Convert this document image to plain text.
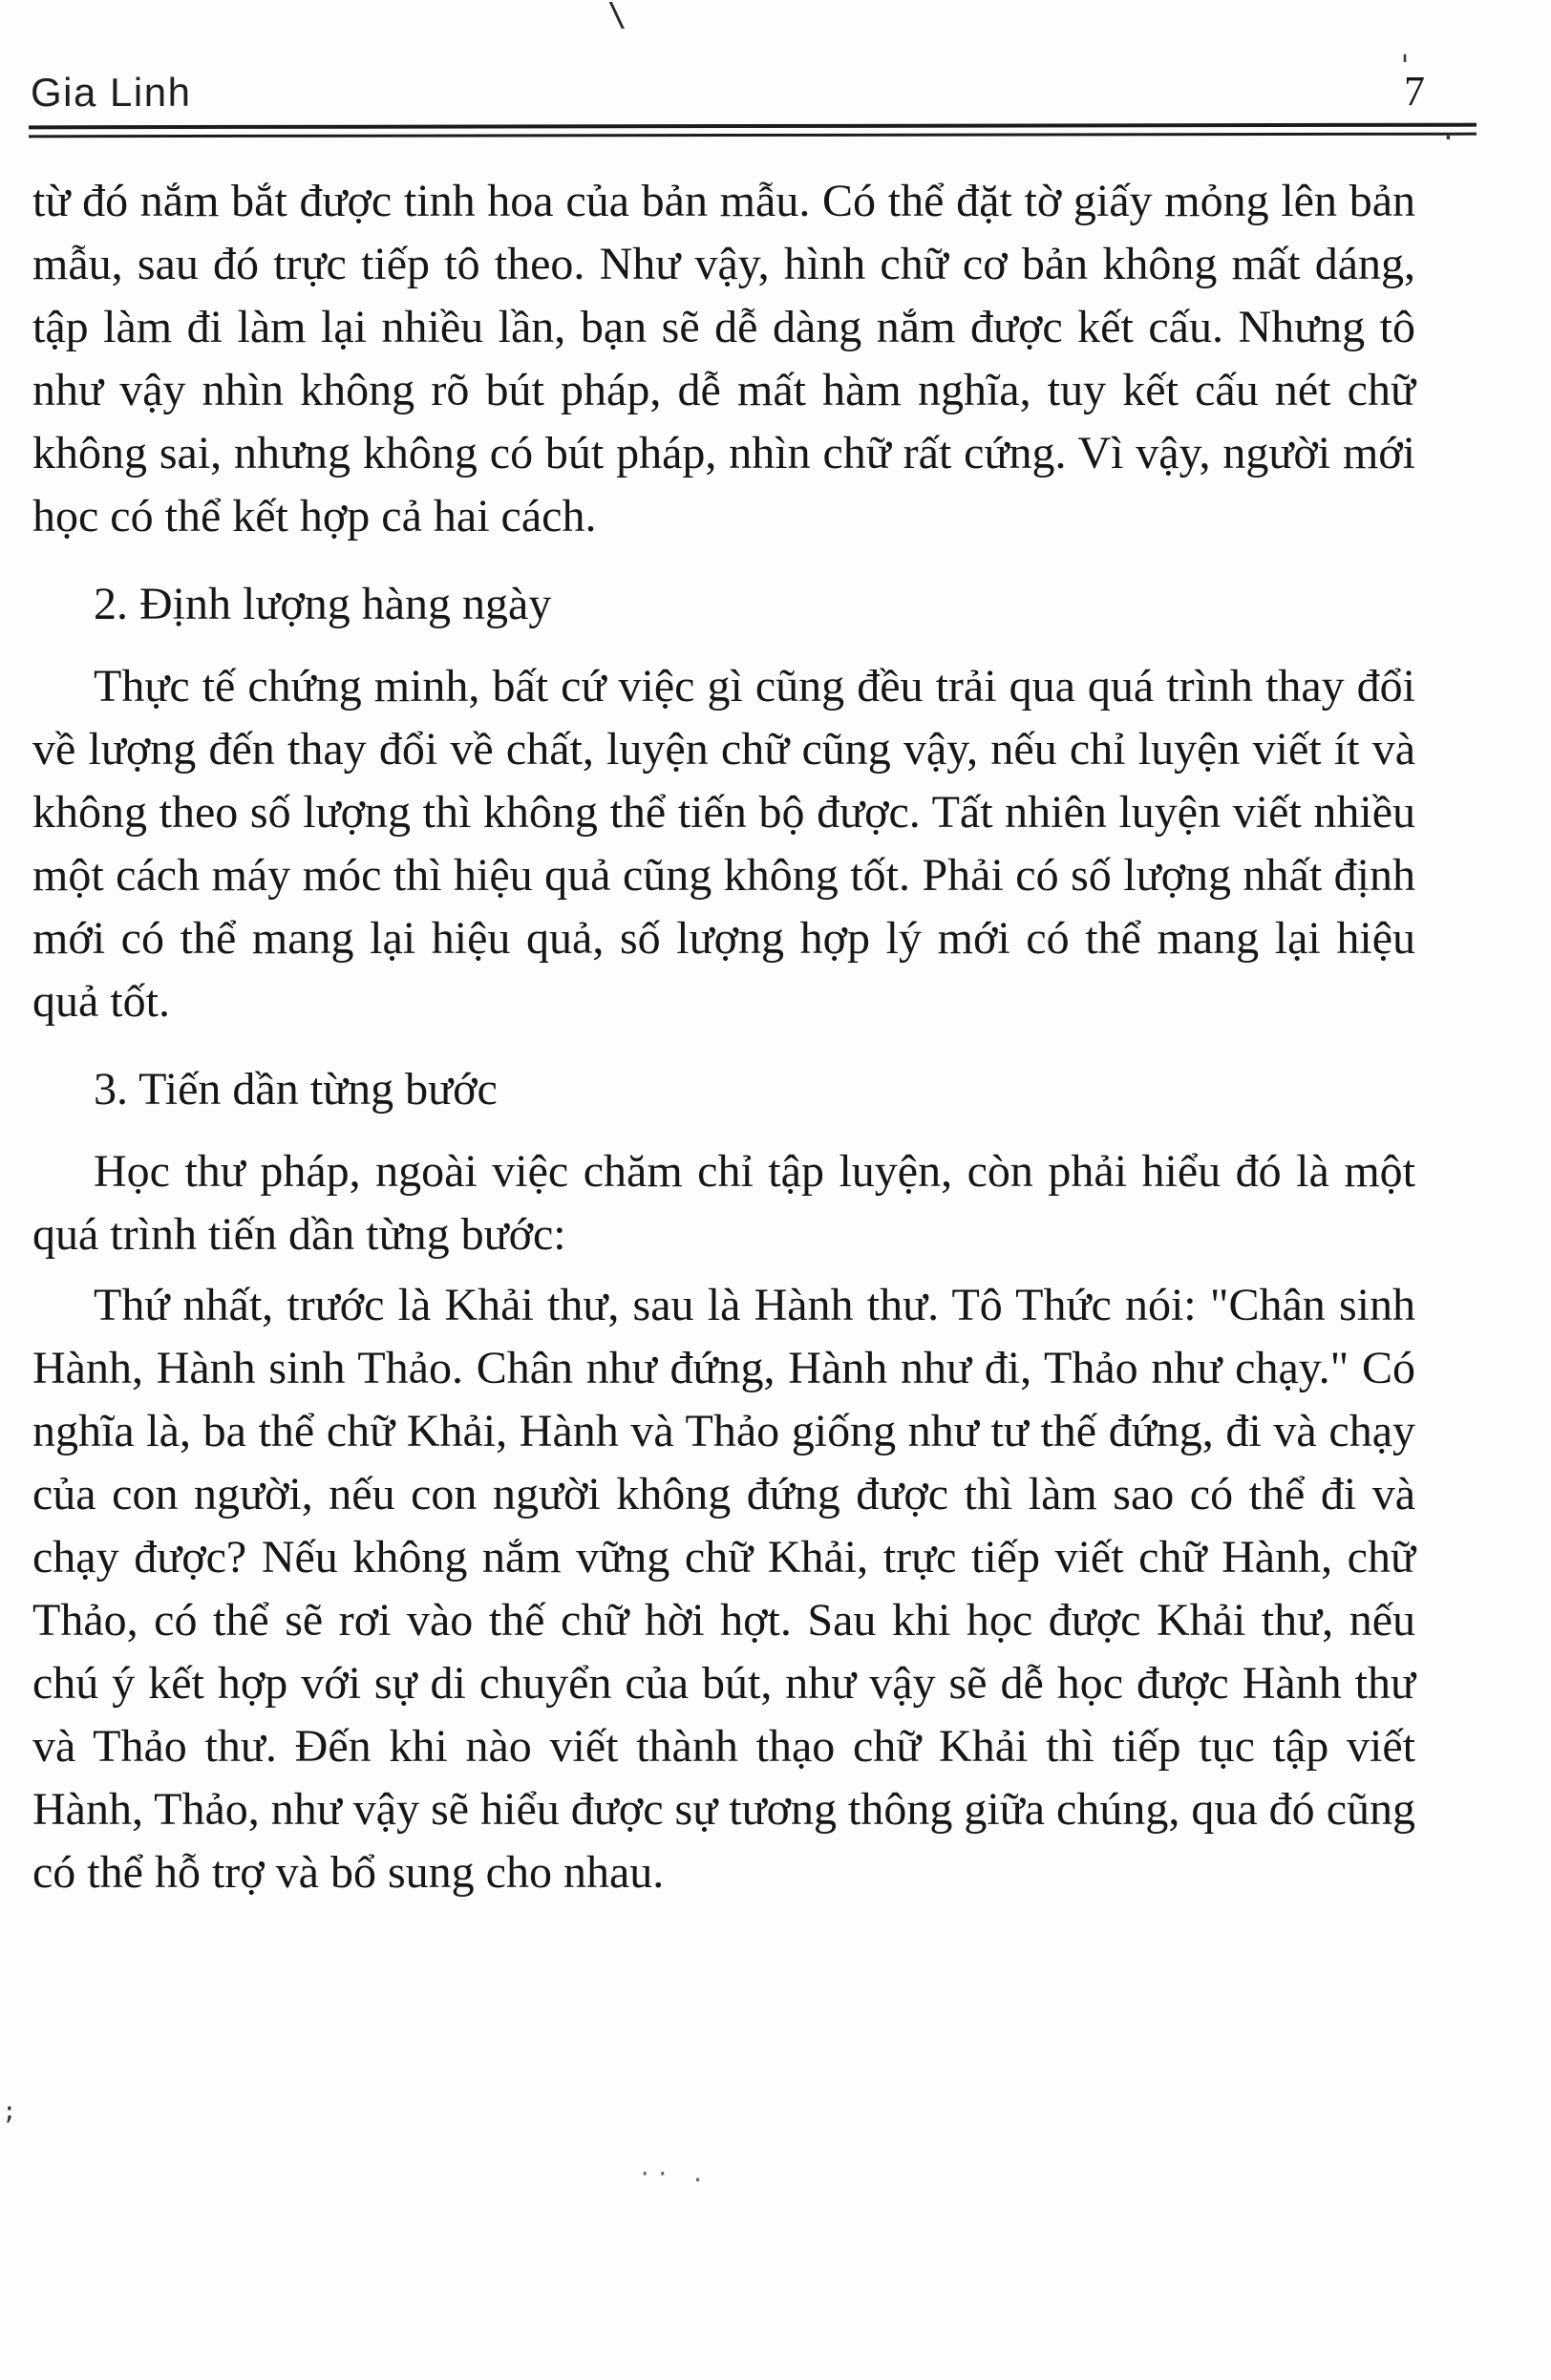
Gia Linh	7

từ đó nắm bắt được tinh hoa của bản mẫu. Có thể đặt tờ giấy mỏng lên bản mẫu, sau đó trực tiếp tô theo. Như vậy, hình chữ cơ bản không mất dáng, tập làm đi làm lại nhiều lần, bạn sẽ dễ dàng nắm được kết cấu. Nhưng tô như vậy nhìn không rõ bút pháp, dễ mất hàm nghĩa, tuy kết cấu nét chữ không sai, nhưng không có bút pháp, nhìn chữ rất cứng. Vì vậy, người mới học có thể kết hợp cả hai cách.

2. Định lượng hàng ngày

Thực tế chứng minh, bất cứ việc gì cũng đều trải qua quá trình thay đổi về lượng đến thay đổi về chất, luyện chữ cũng vậy, nếu chỉ luyện viết ít và không theo số lượng thì không thể tiến bộ được. Tất nhiên luyện viết nhiều một cách máy móc thì hiệu quả cũng không tốt. Phải có số lượng nhất định mới có thể mang lại hiệu quả, số lượng hợp lý mới có thể mang lại hiệu quả tốt.

3. Tiến dần từng bước

Học thư pháp, ngoài việc chăm chỉ tập luyện, còn phải hiểu đó là một quá trình tiến dần từng bước:

Thứ nhất, trước là Khải thư, sau là Hành thư. Tô Thức nói: "Chân sinh Hành, Hành sinh Thảo. Chân như đứng, Hành như đi, Thảo như chạy." Có nghĩa là, ba thể chữ Khải, Hành và Thảo giống như tư thế đứng, đi và chạy của con người, nếu con người không đứng được thì làm sao có thể đi và chạy được? Nếu không nắm vững chữ Khải, trực tiếp viết chữ Hành, chữ Thảo, có thể sẽ rơi vào thế chữ hời hợt. Sau khi học được Khải thư, nếu chú ý kết hợp với sự di chuyển của bút, như vậy sẽ dễ học được Hành thư và Thảo thư. Đến khi nào viết thành thạo chữ Khải thì tiếp tục tập viết Hành, Thảo, như vậy sẽ hiểu được sự tương thông giữa chúng, qua đó cũng có thể hỗ trợ và bổ sung cho nhau.

\
'
.
;
·· .
